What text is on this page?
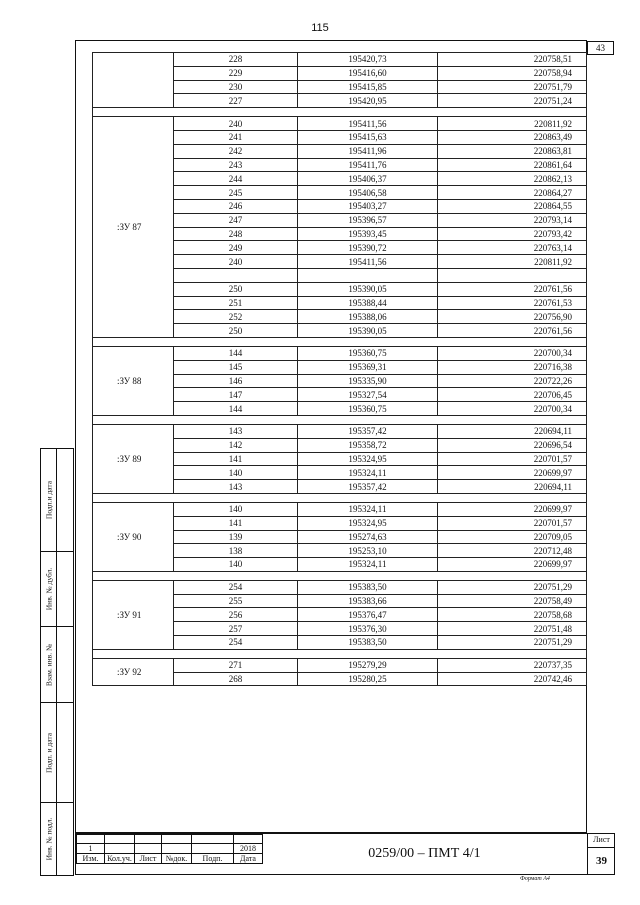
115
43
Подп.и дата
Инв. № дубл.
Взам. инв. №
Подп. и дата
Инв. № подл.
	228	195420,73	220758,51
	229	195416,60	220758,94
	230	195415,85	220751,79
	227	195420,95	220751,24

:ЗУ 87	240	195411,56	220811,92
	241	195415,63	220863,49
	242	195411,96	220863,81
	243	195411,76	220861,64
	244	195406,37	220862,13
	245	195406,58	220864,27
	246	195403,27	220864,55
	247	195396,57	220793,14
	248	195393,45	220793,42
	249	195390,72	220763,14
	240	195411,56	220811,92

	250	195390,05	220761,56
	251	195388,44	220761,53
	252	195388,06	220756,90
	250	195390,05	220761,56

:ЗУ 88	144	195360,75	220700,34
	145	195369,31	220716,38
	146	195335,90	220722,26
	147	195327,54	220706,45
	144	195360,75	220700,34

:ЗУ 89	143	195357,42	220694,11
	142	195358,72	220696,54
	141	195324,95	220701,57
	140	195324,11	220699,97
	143	195357,42	220694,11

:ЗУ 90	140	195324,11	220699,97
	141	195324,95	220701,57
	139	195274,63	220709,05
	138	195253,10	220712,48
	140	195324,11	220699,97

:ЗУ 91	254	195383,50	220751,29
	255	195383,66	220758,49
	256	195376,47	220758,68
	257	195376,30	220751,48
	254	195383,50	220751,29

:ЗУ 92	271	195279,29	220737,35
	268	195280,25	220742,46

1					2018
Изм.	Кол.уч.	Лист	№док.	Подп.	Дата	0259/00 – ПМТ 4/1
Лист
39
Формат А4
